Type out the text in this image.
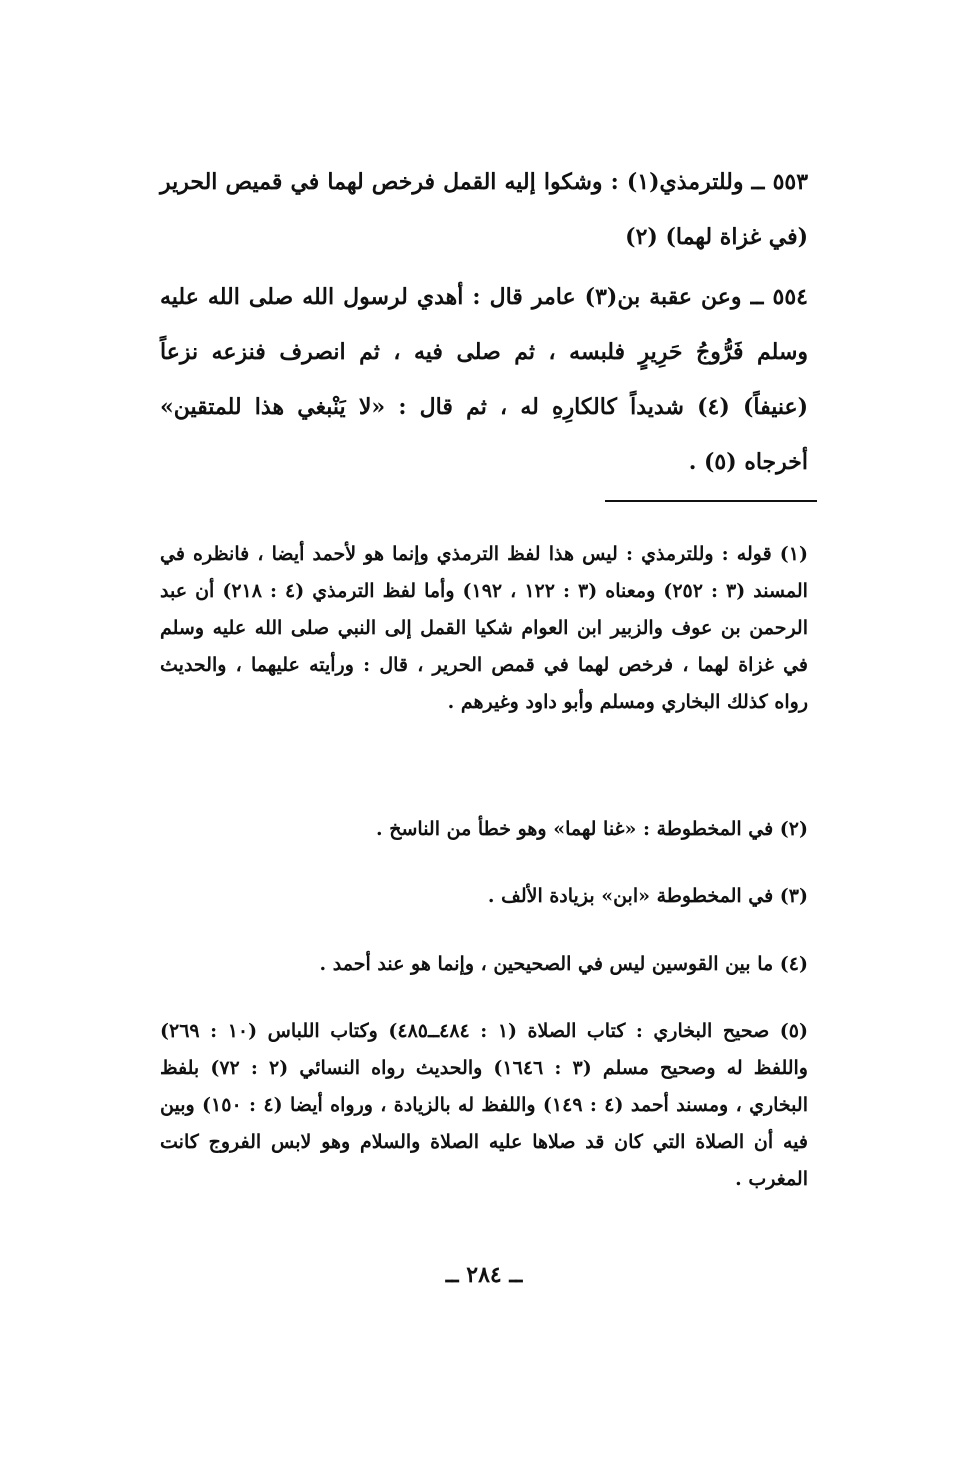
٥٥٣ ــ وللترمذي(١) : وشكوا إليه القمل فرخص لهما في قميص الحرير (في غزاة لهما) (٢)

٥٥٤ ــ وعن عقبة بن(٣) عامر قال : أهدي لرسول الله صلى الله عليه وسلم فَرُّوجُ حَرِيرٍ فلبسه ، ثم صلى فيه ، ثم انصرف فنزعه نزعاً (عنيفاً) (٤) شديداً كالكارِهِ له ، ثم قال : «لا يَنْبغي هذا للمتقين» أخرجاه (٥) .

(١) قوله : وللترمذي : ليس هذا لفظ الترمذي وإنما هو لأحمد أيضا ، فانظره في المسند (٣ : ٢٥٢) ومعناه (٣ : ١٢٢ ، ١٩٢) وأما لفظ الترمذي (٤ : ٢١٨) أن عبد الرحمن بن عوف والزبير ابن العوام شكيا القمل إلى النبي صلى الله عليه وسلم في غزاة لهما ، فرخص لهما في قمص الحرير ، قال : ورأيته عليهما ، والحديث رواه كذلك البخاري ومسلم وأبو داود وغيرهم .

(٢) في المخطوطة : «غنا لهما» وهو خطأ من الناسخ .

(٣) في المخطوطة «ابن» بزيادة الألف .

(٤) ما بين القوسين ليس في الصحيحين ، وإنما هو عند أحمد .

(٥) صحيح البخاري : كتاب الصلاة (١ : ٤٨٤ــ٤٨٥) وكتاب اللباس (١٠ : ٢٦٩) واللفظ له وصحيح مسلم (٣ : ١٦٤٦) والحديث رواه النسائي (٢ : ٧٢) بلفظ البخاري ، ومسند أحمد (٤ : ١٤٩) واللفظ له بالزيادة ، ورواه أيضا (٤ : ١٥٠) وبين فيه أن الصلاة التي كان قد صلاها عليه الصلاة والسلام وهو لابس الفروج كانت المغرب .

ــ ٢٨٤ ــ
